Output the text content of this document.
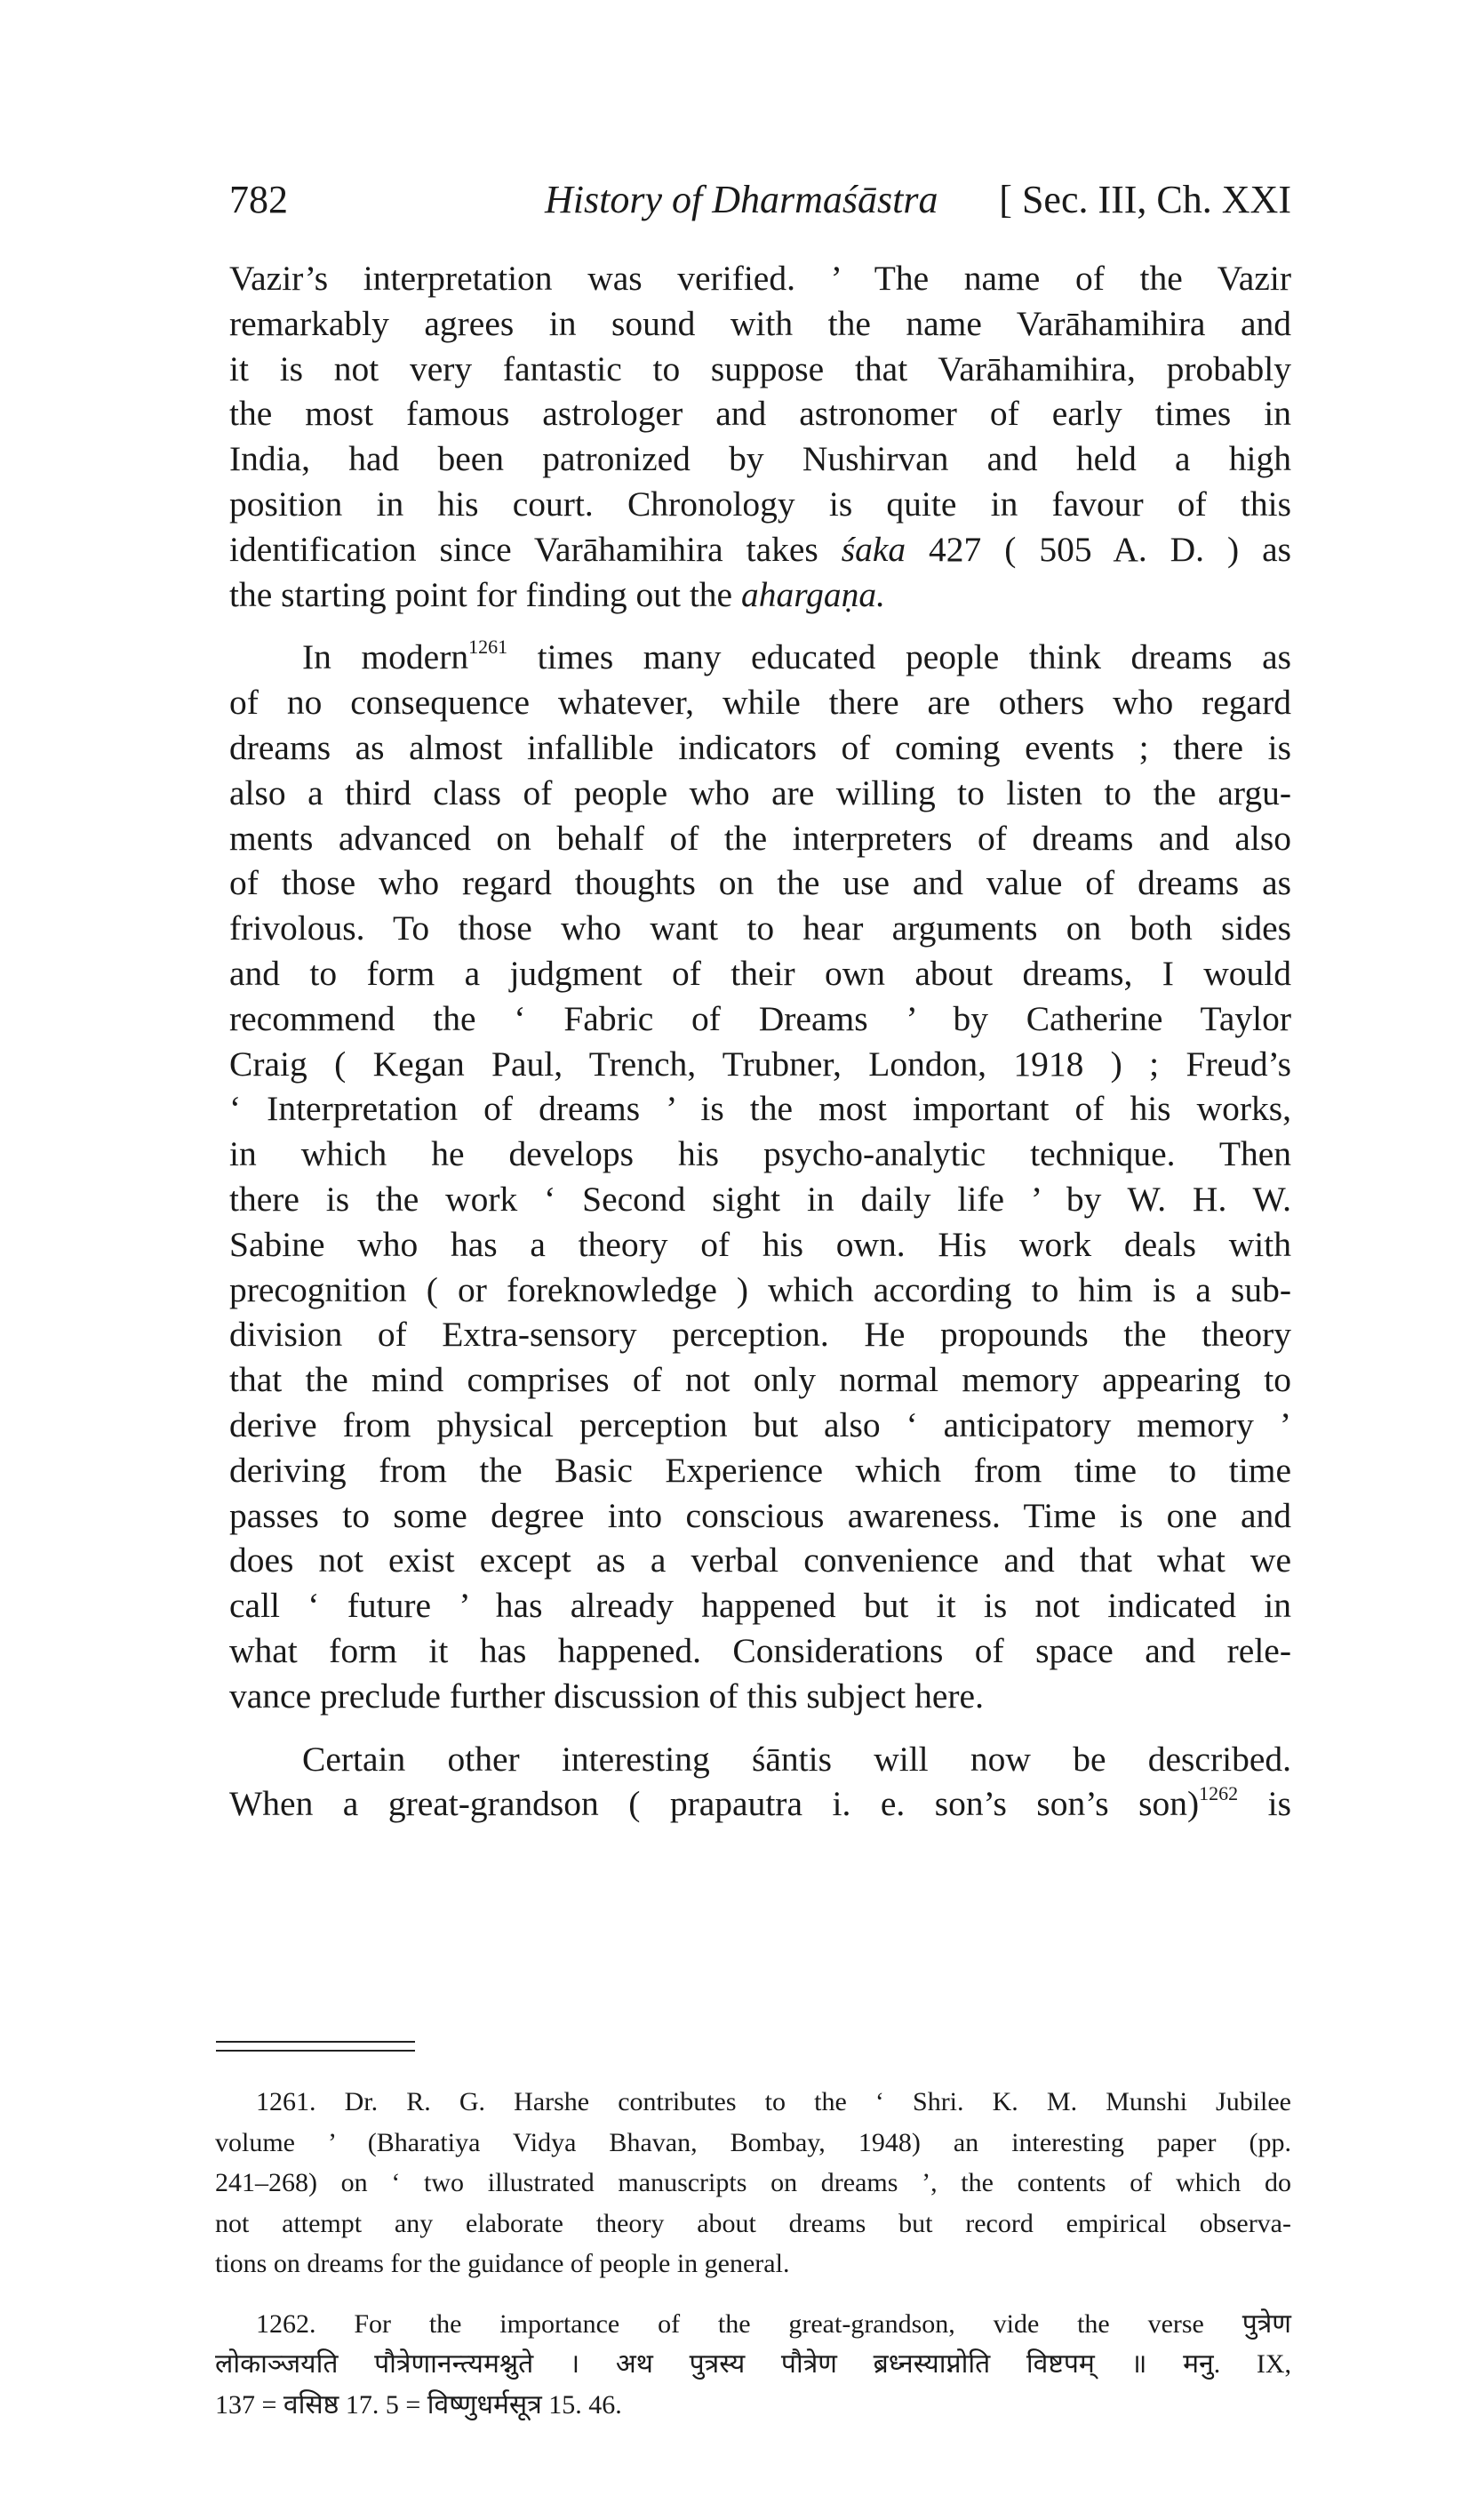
782	History of Dharmaśāstra [ Sec. III, Ch. XXI
Vazir’s interpretation was verified. ’ The name of the Vazir
remarkably agrees in sound with the name Varāhamihira and
it is not very fantastic to suppose that Varāhamihira, probably
the most famous astrologer and astronomer of early times in
India, had been patronized by Nushirvan and held a high
position in his court. Chronology is quite in favour of this
identification since Varāhamihira takes śaka 427 ( 505 A. D. ) as
the starting point for finding out the ahargaṇa.
In modern$^{1261}$ times many educated people think dreams as
of no consequence whatever, while there are others who regard
dreams as almost infallible indicators of coming events ; there is
also a third class of people who are willing to listen to the argu-
ments advanced on behalf of the interpreters of dreams and also
of those who regard thoughts on the use and value of dreams as
frivolous. To those who want to hear arguments on both sides
and to form a judgment of their own about dreams, I would
recommend the ‘ Fabric of Dreams ’ by Catherine Taylor
Craig ( Kegan Paul, Trench, Trubner, London, 1918 ) ; Freud’s
‘ Interpretation of dreams ’ is the most important of his works,
in which he develops his psycho-analytic technique. Then
there is the work ‘ Second sight in daily life ’ by W. H. W.
Sabine who has a theory of his own. His work deals with
precognition ( or foreknowledge ) which according to him is a sub-
division of Extra-sensory perception. He propounds the theory
that the mind comprises of not only normal memory appearing to
derive from physical perception but also ‘ anticipatory memory ’
deriving from the Basic Experience which from time to time
passes to some degree into conscious awareness. Time is one and
does not exist except as a verbal convenience and that what we
call ‘ future ’ has already happened but it is not indicated in
what form it has happened. Considerations of space and rele-
vance preclude further discussion of this subject here.
Certain other interesting śāntis will now be described.
When a great-grandson ( prapautra i. e. son’s son’s son)$^{1262}$ is
1261. Dr. R. G. Harshe contributes to the ‘ Shri. K. M. Munshi Jubilee
volume ’ (Bharatiya Vidya Bhavan, Bombay, 1948) an interesting paper (pp.
241–268) on ‘ two illustrated manuscripts on dreams ’, the contents of which do
not attempt any elaborate theory about dreams but record empirical observa-
tions on dreams for the guidance of people in general.
1262. For the importance of the great-grandson, vide the verse पुत्रेण
लोकाञ्जयति पौत्रेणानन्त्यमश्नुते । अथ पुत्रस्य पौत्रेण ब्रध्नस्याप्नोति विष्टपम् ॥ मनु. IX,
137 = वसिष्ठ 17. 5 = विष्णुधर्मसूत्र 15. 46.
